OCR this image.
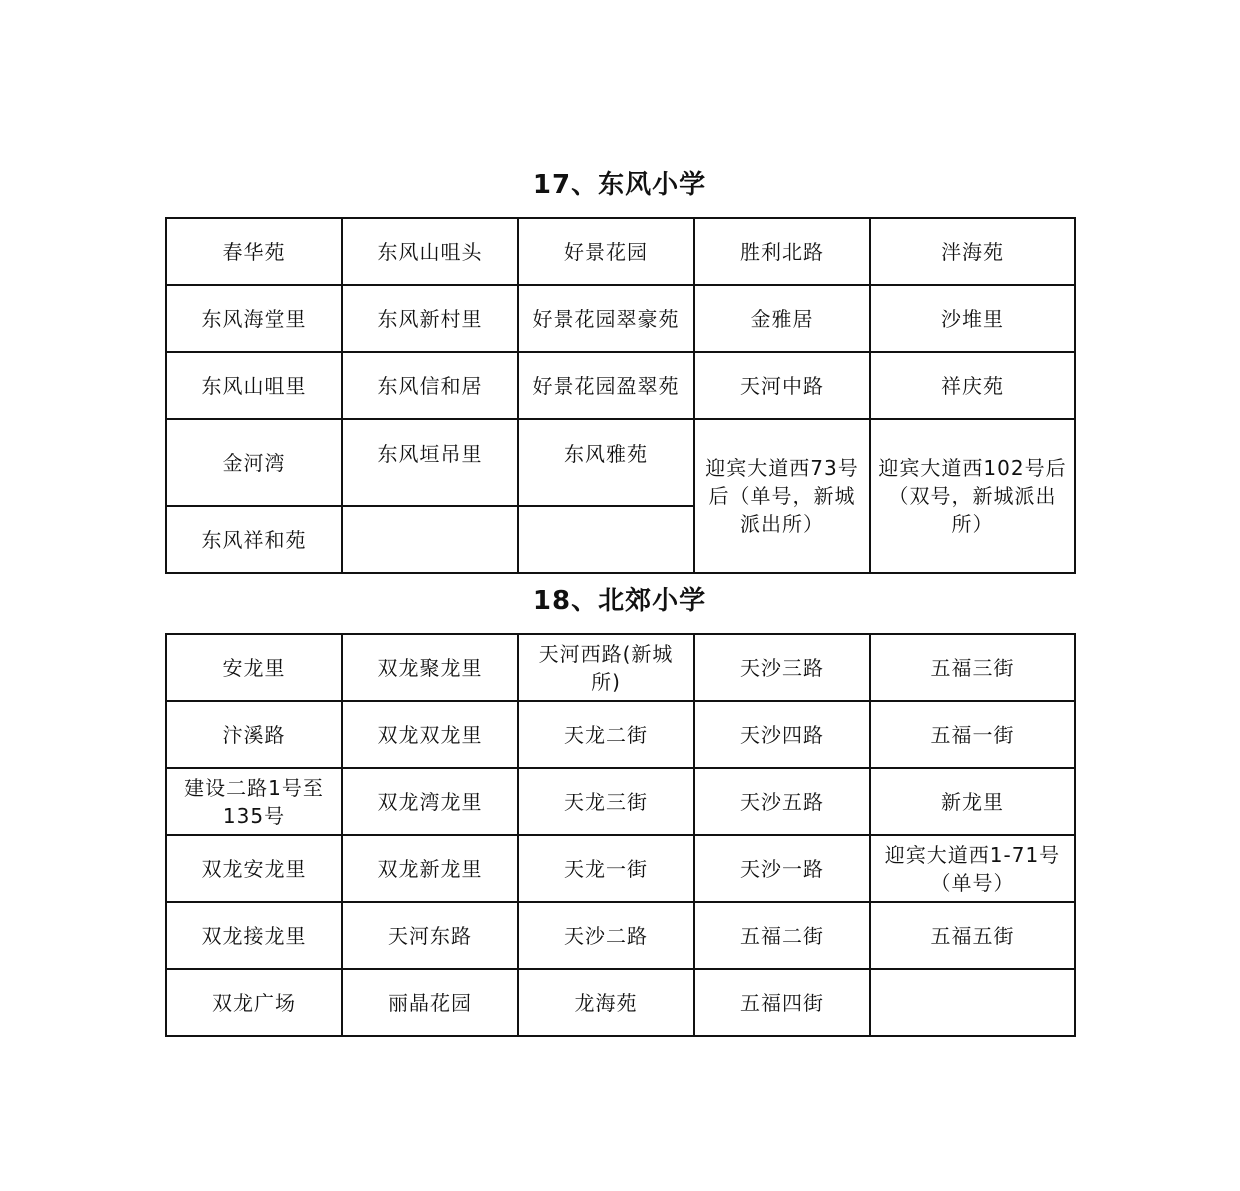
17、东风小学
春华苑	东风山咀头	好景花园	胜利北路	泮海苑
东风海堂里	东风新村里	好景花园翠豪苑	金雅居	沙堆里
东风山咀里	东风信和居	好景花园盈翠苑	天河中路	祥庆苑
金河湾	东风垣吊里	东风雅苑	迎宾大道西73号后（单号，新城派出所）	迎宾大道西102号后（双号，新城派出所）
东风祥和苑				
18、北郊小学
安龙里	双龙聚龙里	天河西路(新城所)	天沙三路	五福三街
汴溪路	双龙双龙里	天龙二街	天沙四路	五福一街
建设二路1号至135号	双龙湾龙里	天龙三街	天沙五路	新龙里
双龙安龙里	双龙新龙里	天龙一街	天沙一路	迎宾大道西1-71号（单号）
双龙接龙里	天河东路	天沙二路	五福二街	五福五街
双龙广场	丽晶花园	龙海苑	五福四街	
